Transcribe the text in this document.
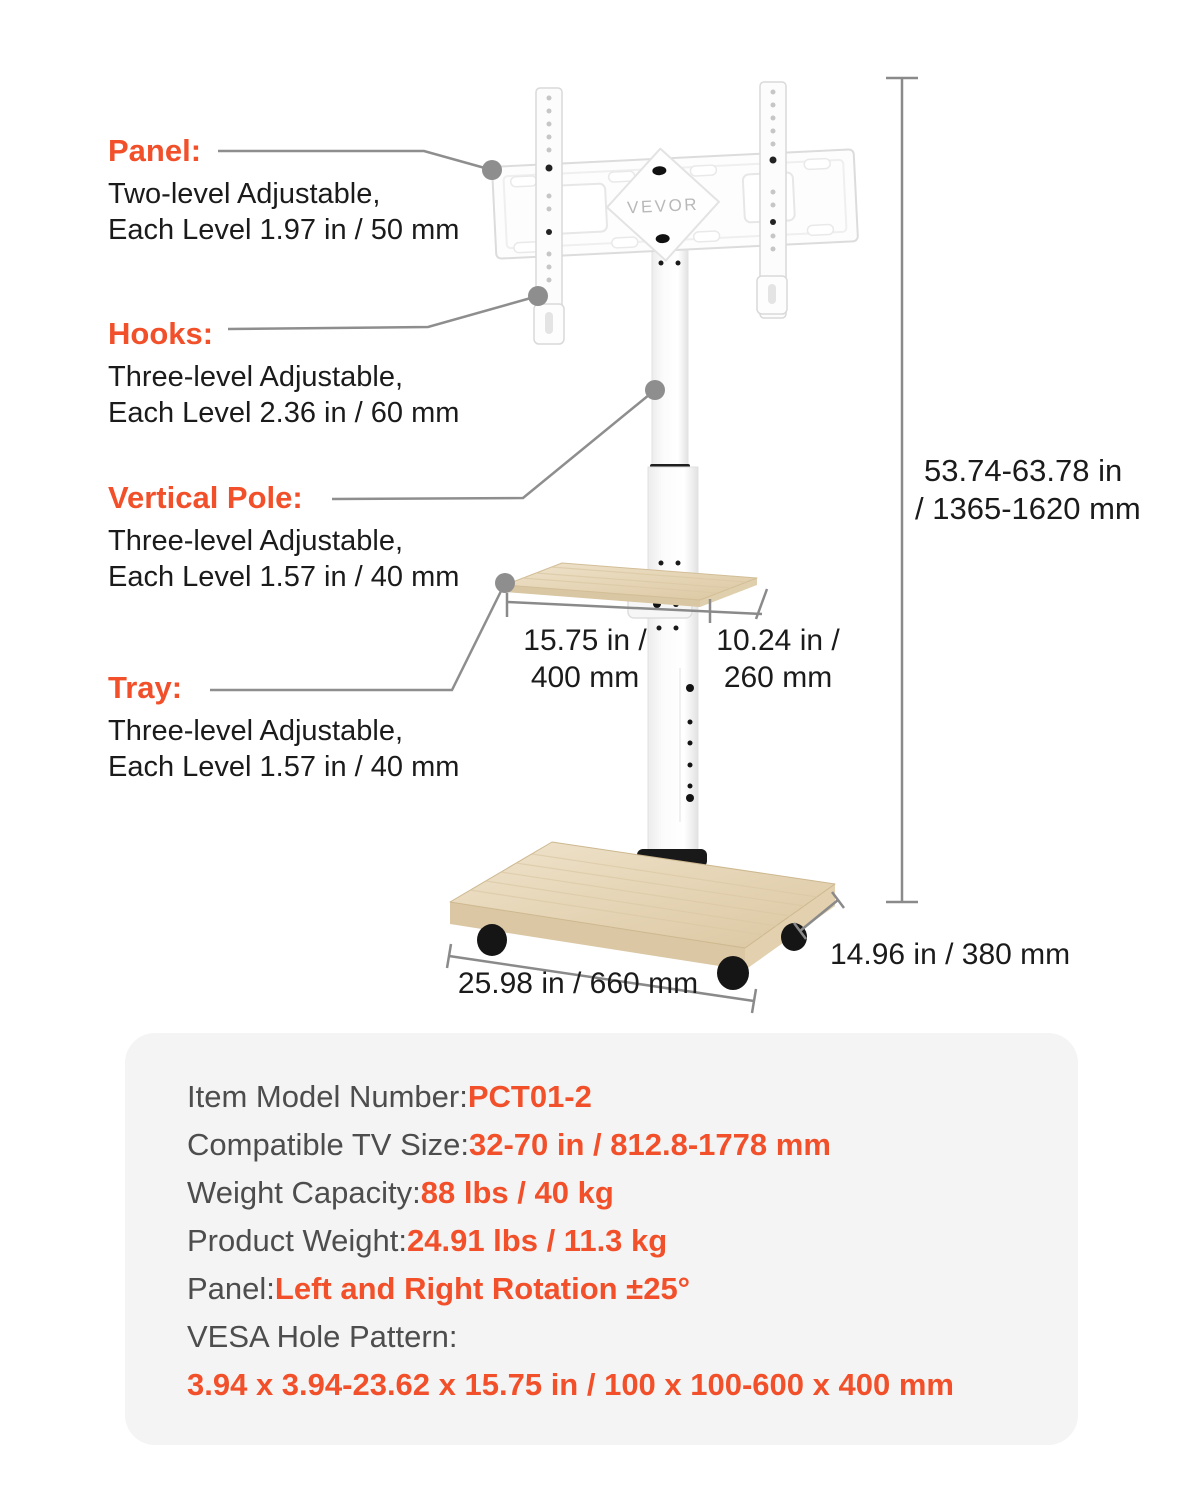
VEVOR
Panel:
Two-level Adjustable,
Each Level 1.97 in / 50 mm
Hooks:
Three-level Adjustable,
Each Level 2.36 in / 60 mm
Vertical Pole:
Three-level Adjustable,
Each Level 1.57 in / 40 mm
Tray:
Three-level Adjustable,
Each Level 1.57 in / 40 mm
53.74-63.78 in
/ 1365-1620 mm
15.75 in /
400 mm
10.24 in /
260 mm
25.98 in / 660 mm
14.96 in / 380 mm
Item Model Number: PCT01-2
Compatible TV Size: 32-70 in / 812.8-1778 mm
Weight Capacity: 88 lbs / 40 kg
Product Weight: 24.91 lbs / 11.3 kg
Panel: Left and Right Rotation ±25°
VESA Hole Pattern:
3.94 x 3.94-23.62 x 15.75 in / 100 x 100-600 x 400 mm
